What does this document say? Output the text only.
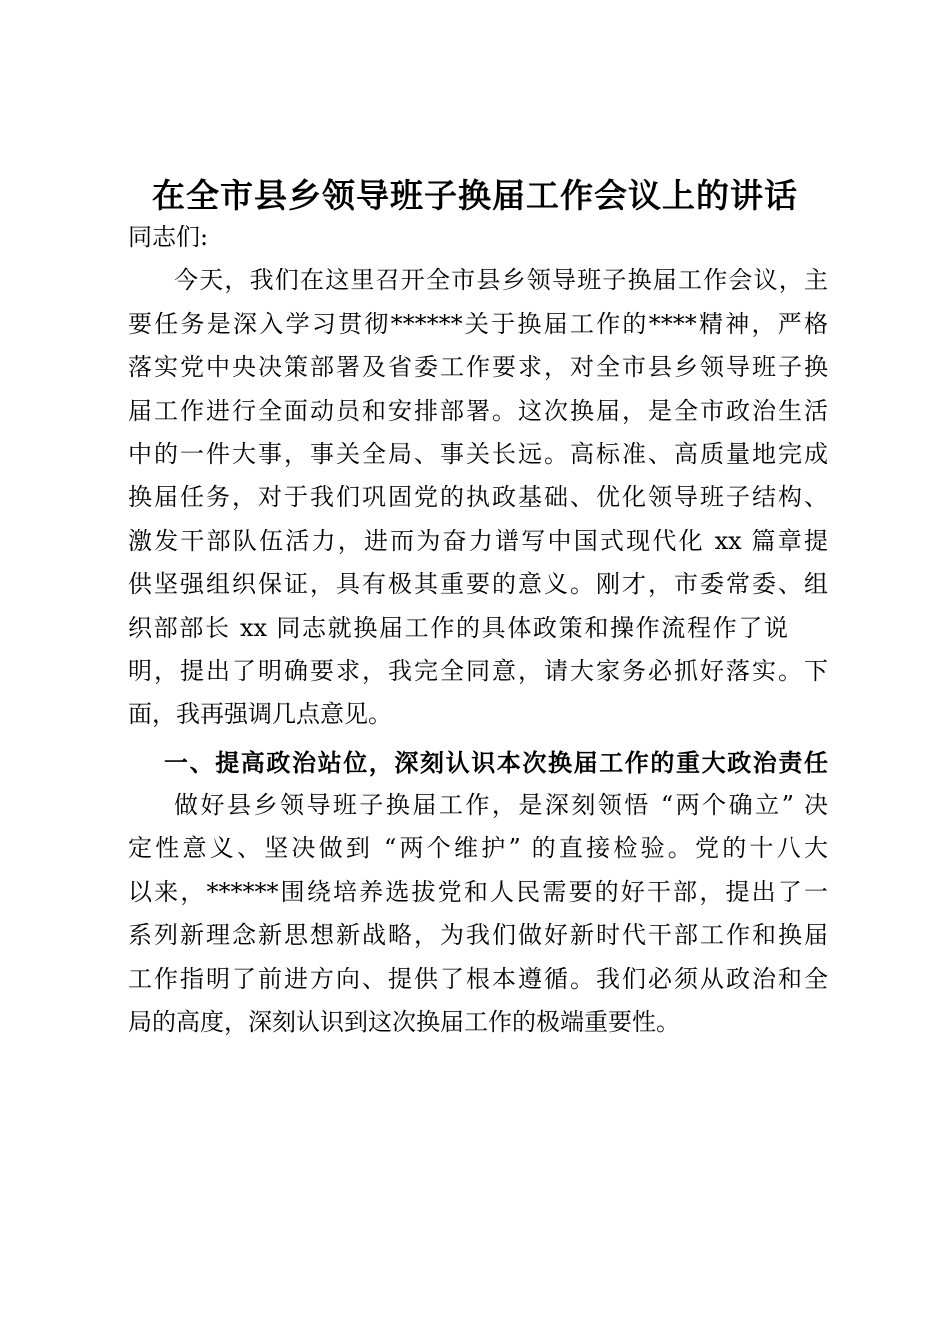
在全市县乡领导班子换届工作会议上的讲话
同志们:
今天，我们在这里召开全市县乡领导班子换届工作会议，主
要任务是深入学习贯彻******关于换届工作的****精神，严格
落实党中央决策部署及省委工作要求，对全市县乡领导班子换
届工作进行全面动员和安排部署。这次换届，是全市政治生活
中的一件大事，事关全局、事关长远。高标准、高质量地完成
换届任务，对于我们巩固党的执政基础、优化领导班子结构、
激发干部队伍活力，进而为奋力谱写中国式现代化 xx 篇章提
供坚强组织保证，具有极其重要的意义。刚才，市委常委、组
织部部长 xx 同志就换届工作的具体政策和操作流程作了说
明，提出了明确要求，我完全同意，请大家务必抓好落实。下
面，我再强调几点意见。
一、提高政治站位，深刻认识本次换届工作的重大政治责任
做好县乡领导班子换届工作，是深刻领悟 “两个确立” 决
定性意义、坚决做到 “两个维护” 的直接检验。党的十八大
以来，******围绕培养选拔党和人民需要的好干部，提出了一
系列新理念新思想新战略，为我们做好新时代干部工作和换届
工作指明了前进方向、提供了根本遵循。我们必须从政治和全
局的高度，深刻认识到这次换届工作的极端重要性。
